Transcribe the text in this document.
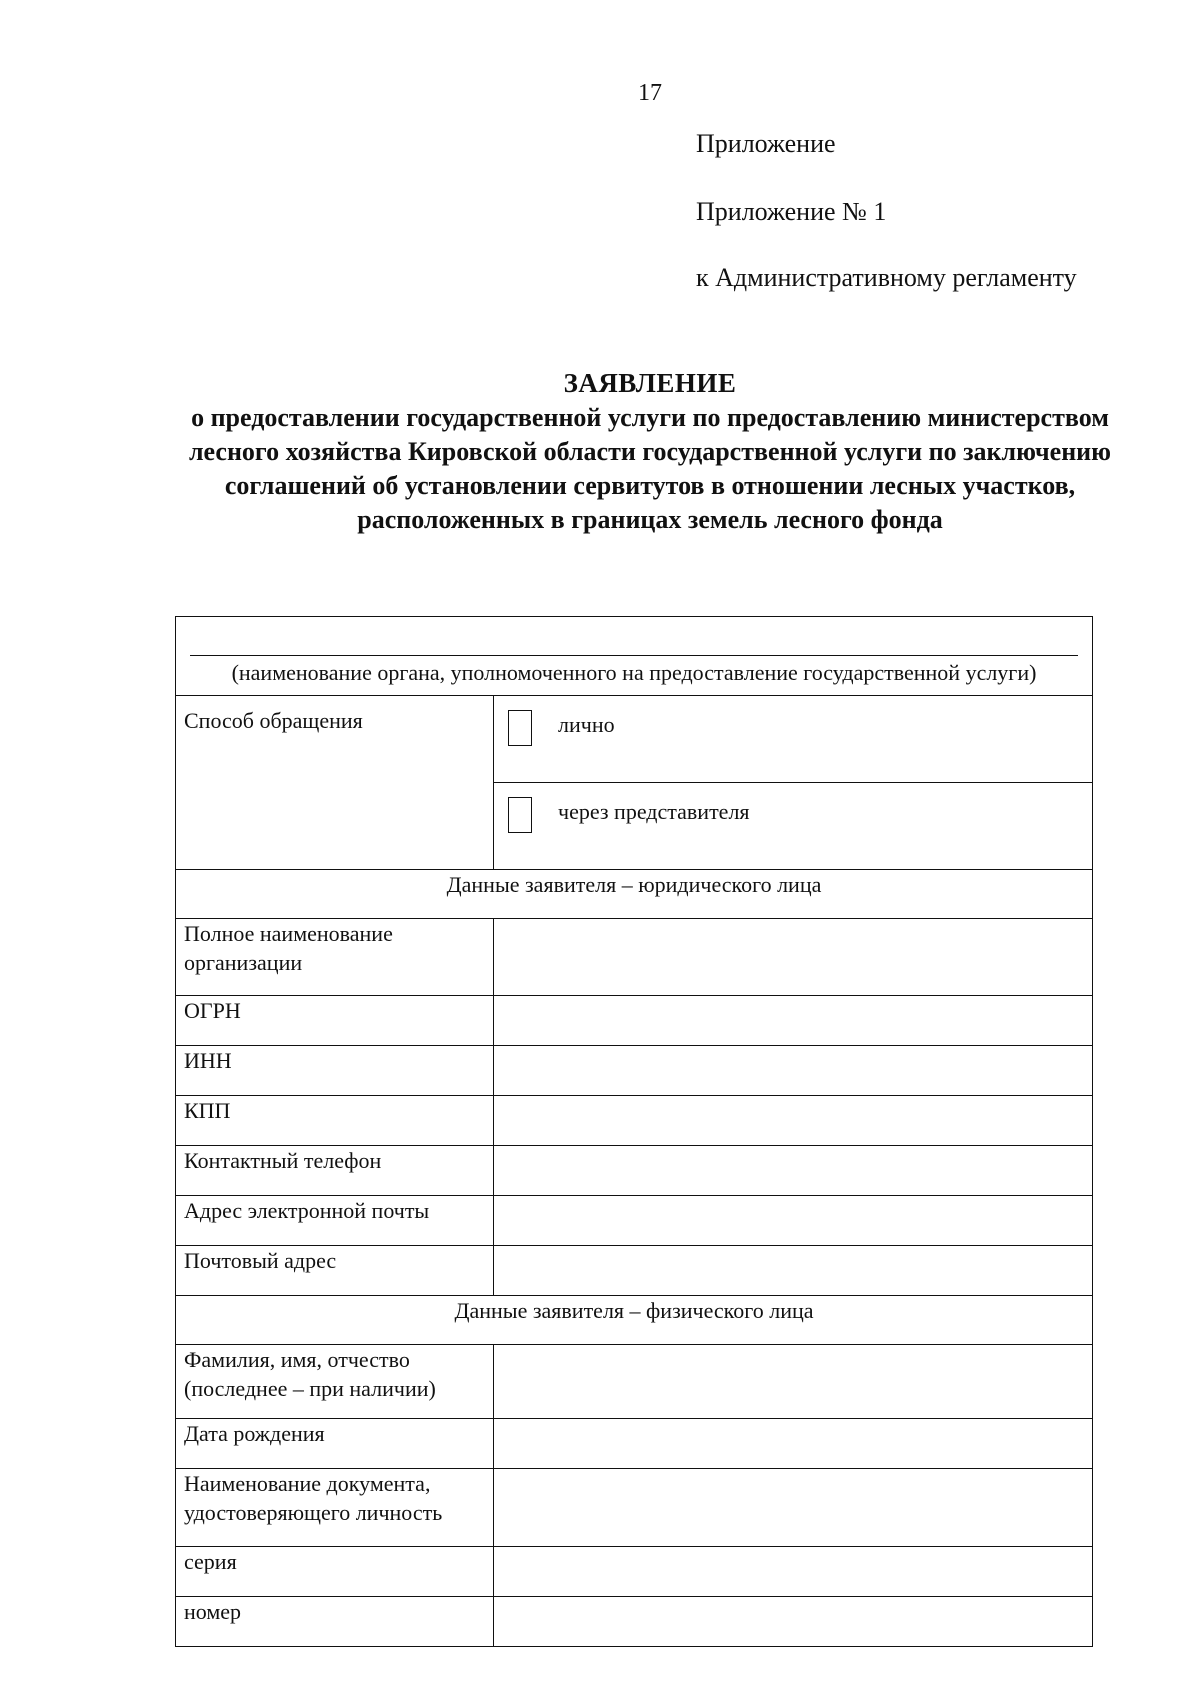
17
Приложение
Приложение № 1
к Административному регламенту
ЗАЯВЛЕНИЕ
о предоставлении государственной услуги по предоставлению министерством лесного хозяйства Кировской области государственной услуги по заключению соглашений об установлении сервитутов в отношении лесных участков, расположенных в границах земель лесного фонда
(наименование органа, уполномоченного на предоставление государственной услуги)	

Способ обращения	лично
	через представителя
Данные заявителя – юридического лица	
Полное наименование организации	
ОГРН	
ИНН	
КПП	
Контактный телефон	
Адрес электронной почты	
Почтовый адрес	
Данные заявителя – физического лица	
Фамилия, имя, отчество (последнее – при наличии)	
Дата рождения	
Наименование документа, удостоверяющего личность	
серия	
номер	
